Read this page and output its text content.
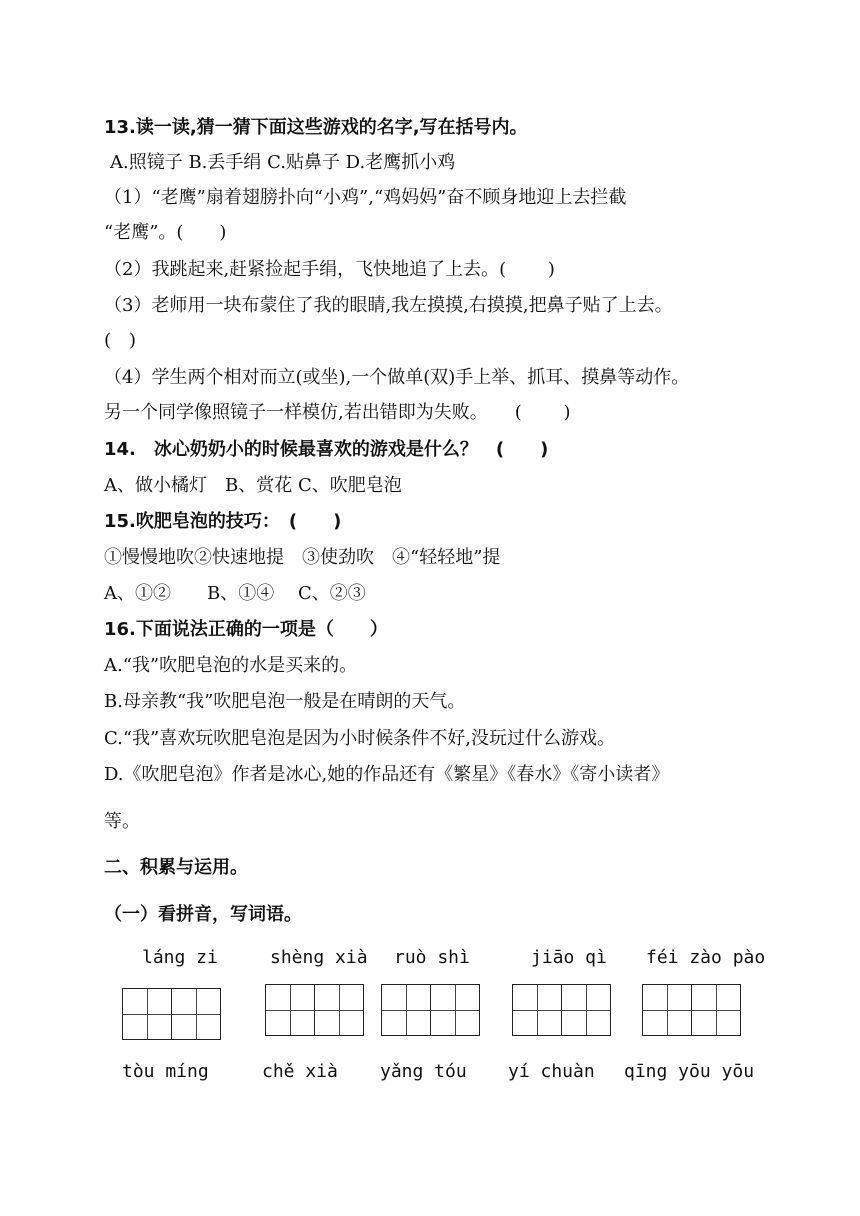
13.读一读,猜一猜下面这些游戏的名字,写在括号内。
A.照镜子 B.丢手绢 C.贴鼻子 D.老鹰抓小鸡
（1）“老鹰”扇着翅膀扑向“小鸡”,“鸡妈妈”奋不顾身地迎上去拦截
“老鹰”。(　　)
（2）我跳起来,赶紧捡起手绢，飞快地追了上去。(　　 )
（3）老师用一块布蒙住了我的眼睛,我左摸摸,右摸摸,把鼻子贴了上去。
(　)
（4）学生两个相对而立(或坐),一个做单(双)手上举、抓耳、摸鼻等动作。
另一个同学像照镜子一样模仿,若出错即为失败。　　(　　 )
14.　冰心奶奶小的时候最喜欢的游戏是什么？　(　　)
A、做小橘灯　B、赏花 C、吹肥皂泡
15.吹肥皂泡的技巧：　(　　)
①慢慢地吹②快速地提　③使劲吹　④“轻轻地”提
A、①②　　B、①④　 C、②③
16.下面说法正确的一项是（　　）
A.“我”吹肥皂泡的水是买来的。
B.母亲教“我”吹肥皂泡一般是在晴朗的天气。
C.“我”喜欢玩吹肥皂泡是因为小时候条件不好,没玩过什么游戏。
D.《吹肥皂泡》作者是冰心,她的作品还有《繁星》《春水》《寄小读者》
等。
二、积累与运用。
（一）看拼音，写词语。
láng zi	shèng xià ruò shì	jiāo qì féi zào pào
tòu míng	chě xià yǎng tóu yí chuàn qīng yōu yōu
